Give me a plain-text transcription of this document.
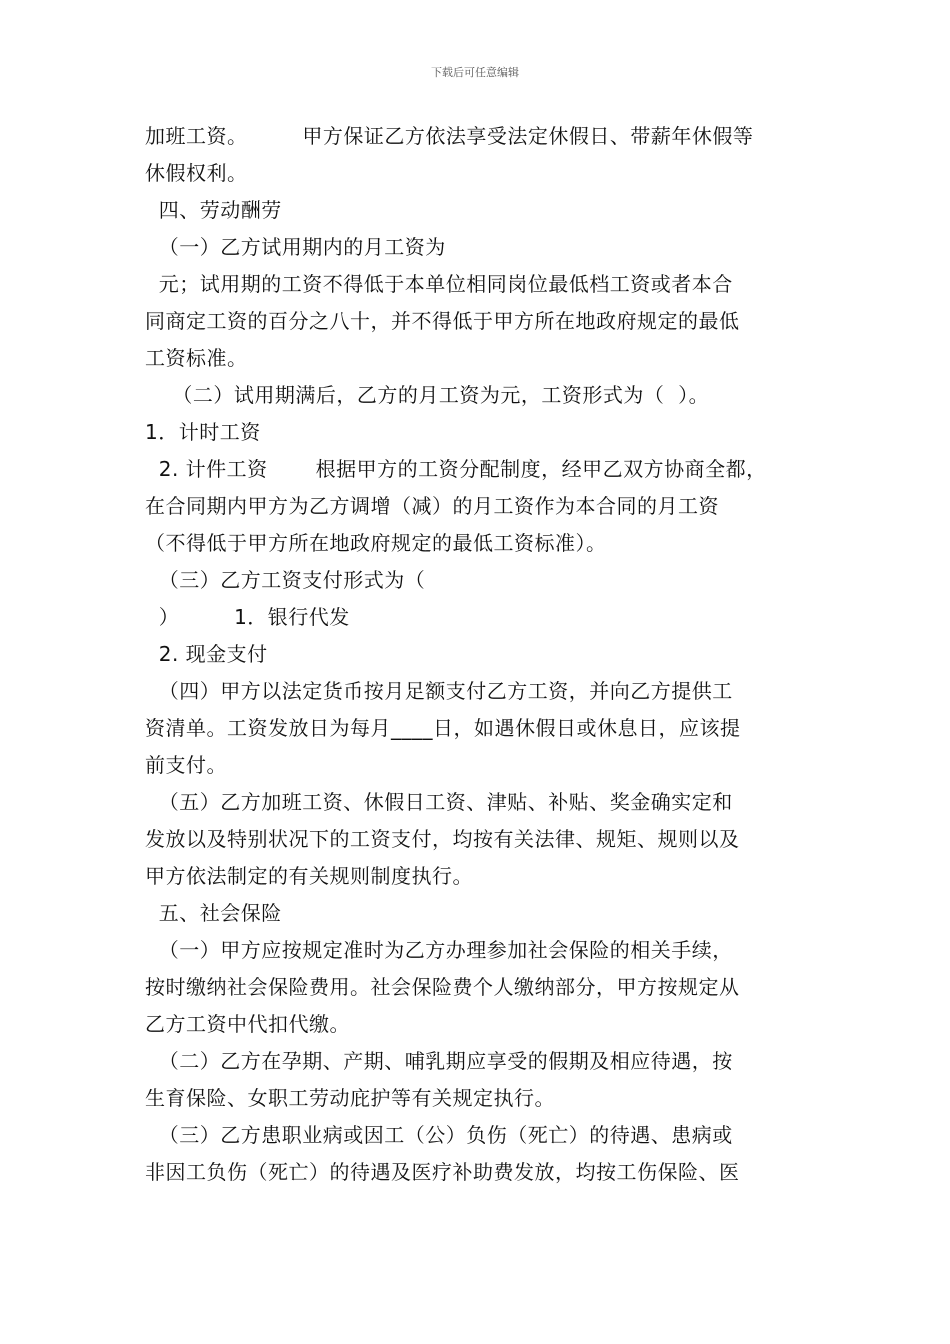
下载后可任意编辑
加班工资。        甲方保证乙方依法享受法定休假日、带薪年休假等
休假权利。
四、劳动酬劳
（一）乙方试用期内的月工资为
元；试用期的工资不得低于本单位相同岗位最低档工资或者本合
同商定工资的百分之八十，并不得低于甲方所在地政府规定的最低
工资标准。
（二）试用期满后，乙方的月工资为元，工资形式为（  ）。
1．计时工资
2. 计件工资       根据甲方的工资分配制度，经甲乙双方协商全都，
在合同期内甲方为乙方调增（减）的月工资作为本合同的月工资
（不得低于甲方所在地政府规定的最低工资标准）。
（三）乙方工资支付形式为（
）        1．银行代发
2. 现金支付
（四）甲方以法定货币按月足额支付乙方工资，并向乙方提供工
资清单。工资发放日为每月____日，如遇休假日或休息日，应该提
前支付。
（五）乙方加班工资、休假日工资、津贴、补贴、奖金确实定和
发放以及特别状况下的工资支付，均按有关法律、规矩、规则以及
甲方依法制定的有关规则制度执行。
五、社会保险
（一）甲方应按规定准时为乙方办理参加社会保险的相关手续，
按时缴纳社会保险费用。社会保险费个人缴纳部分，甲方按规定从
乙方工资中代扣代缴。
（二）乙方在孕期、产期、哺乳期应享受的假期及相应待遇，按
生育保险、女职工劳动庇护等有关规定执行。
（三）乙方患职业病或因工（公）负伤（死亡）的待遇、患病或
非因工负伤（死亡）的待遇及医疗补助费发放，均按工伤保险、医
